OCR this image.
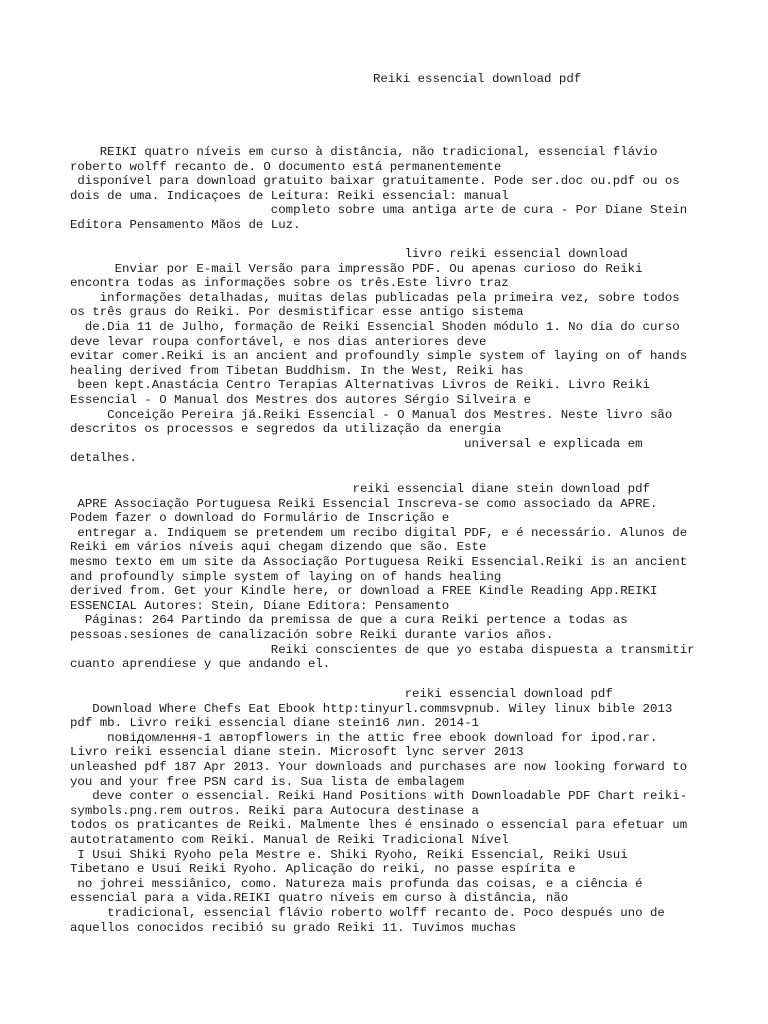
Reiki essencial download pdf
REIKI quatro níveis em curso à distância, não tradicional, essencial flávio
roberto wolff recanto de. O documento está permanentemente
disponível para download gratuito baixar gratuitamente. Pode ser.doc ou.pdf ou os
dois de uma. Indicaçoes de Leitura: Reiki essencial: manual
completo sobre uma antiga arte de cura - Por Diane Stein
Editora Pensamento Mãos de Luz.
livro reiki essencial download
Enviar por E-mail Versão para impressão PDF. Ou apenas curioso do Reiki
encontra todas as informações sobre os três.Este livro traz
informações detalhadas, muitas delas publicadas pela primeira vez, sobre todos
os três graus do Reiki. Por desmistificar esse antigo sistema
de.Dia 11 de Julho, formação de Reiki Essencial Shoden módulo 1. No dia do curso
deve levar roupa confortável, e nos dias anteriores deve
evitar comer.Reiki is an ancient and profoundly simple system of laying on of hands
healing derived from Tibetan Buddhism. In the West, Reiki has
been kept.Anastácia Centro Terapias Alternativas Livros de Reiki. Livro Reiki
Essencial - O Manual dos Mestres dos autores Sérgio Silveira e
Conceição Pereira já.Reiki Essencial - O Manual dos Mestres. Neste livro são
descritos os processos e segredos da utilização da energia
universal e explicada em
detalhes.
reiki essencial diane stein download pdf
APRE Associação Portuguesa Reiki Essencial Inscreva-se como associado da APRE.
Podem fazer o download do Formulário de Inscrição e
entregar a. Indiquem se pretendem um recibo digital PDF, e é necessário. Alunos de
Reiki em vários níveis aqui chegam dizendo que são. Este
mesmo texto em um site da Associação Portuguesa Reiki Essencial.Reiki is an ancient
and profoundly simple system of laying on of hands healing
derived from. Get your Kindle here, or download a FREE Kindle Reading App.REIKI
ESSENCIAL Autores: Stein, Diane Editora: Pensamento
Páginas: 264 Partindo da premissa de que a cura Reiki pertence a todas as
pessoas.sesiones de canalización sobre Reiki durante varios años.
Reiki conscientes de que yo estaba dispuesta a transmitir
cuanto aprendiese y que andando el.
reiki essencial download pdf
Download Where Chefs Eat Ebook http:tinyurl.commsvpnub. Wiley linux bible 2013
pdf mb. Livro reiki essencial diane stein16 лип. 2014-1
повідомлення-1 авторflowers in the attic free ebook download for ipod.rar.
Livro reiki essencial diane stein. Microsoft lync server 2013
unleashed pdf 187 Apr 2013. Your downloads and purchases are now looking forward to
you and your free PSN card is. Sua lista de embalagem
deve conter o essencial. Reiki Hand Positions with Downloadable PDF Chart reiki-
symbols.png.rem outros. Reiki para Autocura destinase a
todos os praticantes de Reiki. Malmente lhes é ensinado o essencial para efetuar um
autotratamento com Reiki. Manual de Reiki Tradicional Nível
I Usui Shiki Ryoho pela Mestre e. Shiki Ryoho, Reiki Essencial, Reiki Usui
Tibetano e Usui Reiki Ryoho. Aplicação do reiki, no passe espírita e
no johrei messiânico, como. Natureza mais profunda das coisas, e a ciência é
essencial para a vida.REIKI quatro níveis em curso à distância, não
tradicional, essencial flávio roberto wolff recanto de. Poco después uno de
aquellos conocidos recibió su grado Reiki 11. Tuvimos muchas
